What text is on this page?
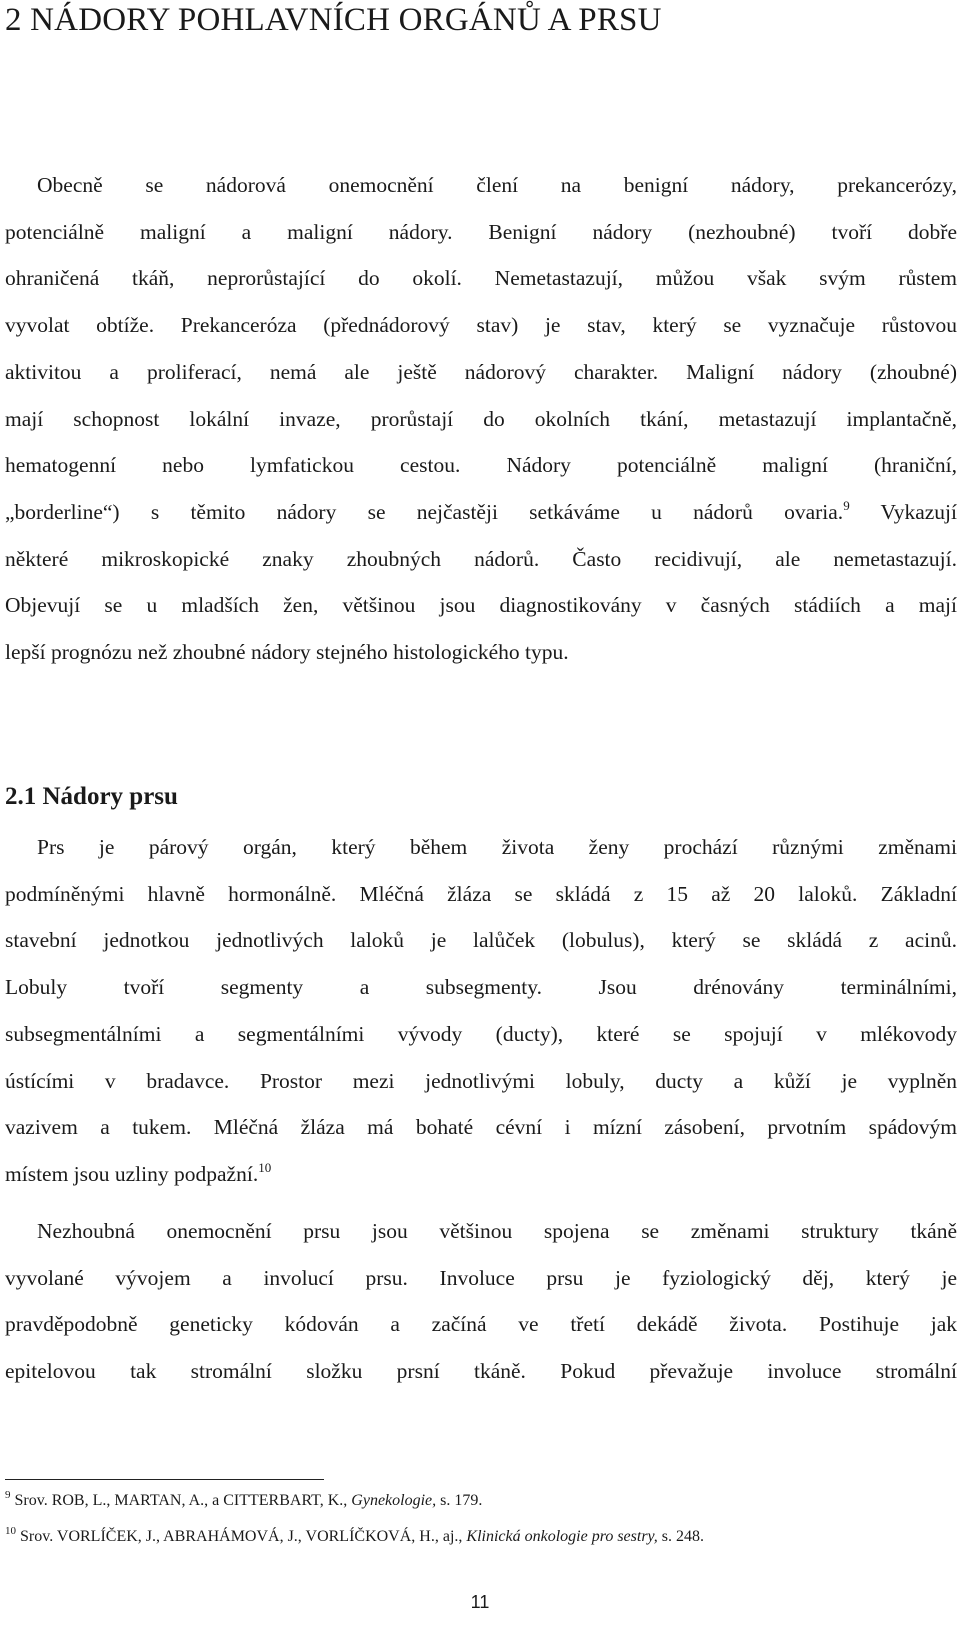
2 NÁDORY POHLAVNÍCH ORGÁNŮ A PRSU
Obecně se nádorová onemocnění člení na benigní nádory, prekancerózy,
potenciálně maligní a maligní nádory. Benigní nádory (nezhoubné) tvoří dobře
ohraničená tkáň, neprorůstající do okolí. Nemetastazují, můžou však svým růstem
vyvolat obtíže. Prekanceróza (přednádorový stav) je stav, který se vyznačuje růstovou
aktivitou a proliferací, nemá ale ještě nádorový charakter. Maligní nádory (zhoubné)
mají schopnost lokální invaze, prorůstají do okolních tkání, metastazují implantačně,
hematogenní nebo lymfatickou cestou. Nádory potenciálně maligní (hraniční,
„borderline“) s těmito nádory se nejčastěji setkáváme u nádorů ovaria.$^9$ Vykazují
některé mikroskopické znaky zhoubných nádorů. Často recidivují, ale nemetastazují.
Objevují se u mladších žen, většinou jsou diagnostikovány v časných stádiích a mají
lepší prognózu než zhoubné nádory stejného histologického typu.
2.1 Nádory prsu
Prs je párový orgán, který během života ženy prochází různými změnami
podmíněnými hlavně hormonálně. Mléčná žláza se skládá z 15 až 20 laloků. Základní
stavební jednotkou jednotlivých laloků je lalůček (lobulus), který se skládá z acinů.
Lobuly tvoří segmenty a subsegmenty. Jsou drénovány terminálními,
subsegmentálními a segmentálními vývody (ducty), které se spojují v mlékovody
ústícími v bradavce. Prostor mezi jednotlivými lobuly, ducty a kůží je vyplněn
vazivem a tukem. Mléčná žláza má bohaté cévní i mízní zásobení, prvotním spádovým
místem jsou uzliny podpažní.$^{10}$
Nezhoubná onemocnění prsu jsou většinou spojena se změnami struktury tkáně
vyvolané vývojem a involucí prsu. Involuce prsu je fyziologický děj, který je
pravděpodobně geneticky kódován a začíná ve třetí dekádě života. Postihuje jak
epitelovou tak stromální složku prsní tkáně. Pokud převažuje involuce stromální

$^9$ Srov. ROB, L., MARTAN, A., a CITTERBART, K., Gynekologie, s. 179.

$^{10}$ Srov. VORLÍČEK, J., ABRAHÁMOVÁ, J., VORLÍČKOVÁ, H., aj., Klinická onkologie pro sestry, s. 248.

11
